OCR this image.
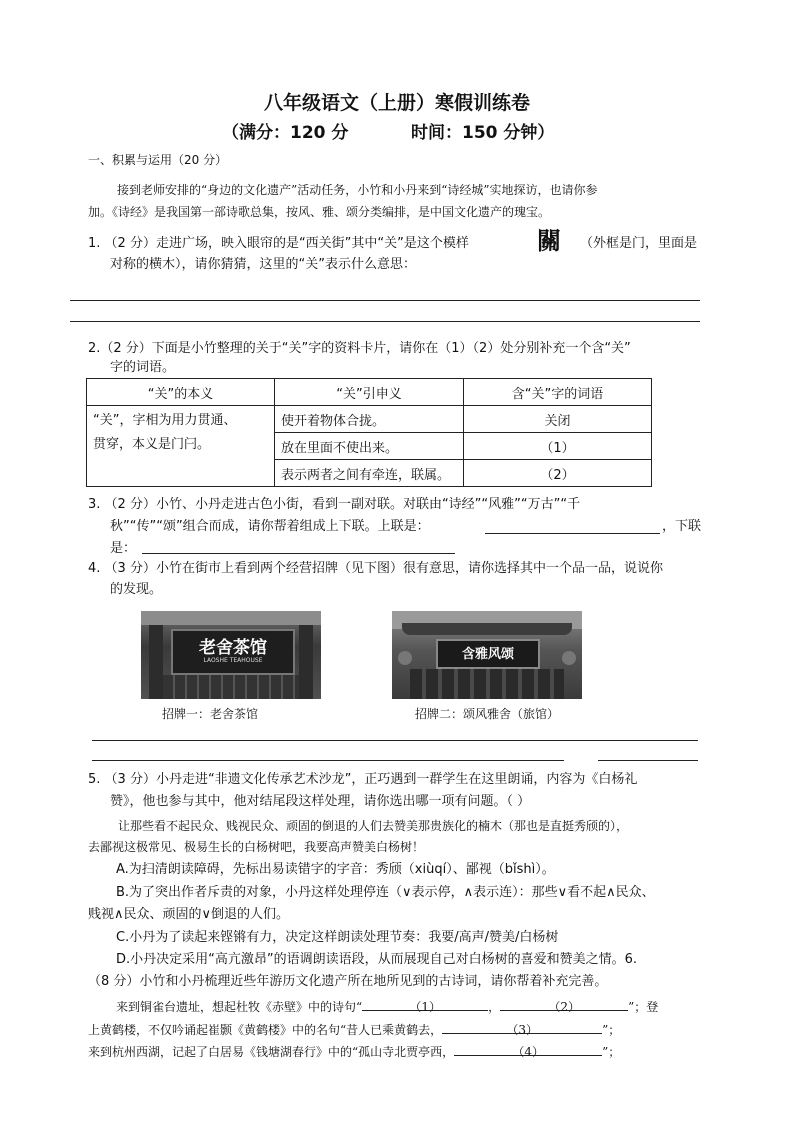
八年级语文（上册）寒假训练卷
（满分：120 分	时间：150 分钟）
一、积累与运用（20 分）
接到老师安排的“身边的文化遗产”活动任务，小竹和小丹来到“诗经城”实地探访，也请你参
加。《诗经》是我国第一部诗歌总集，按风、雅、颂分类编排，是中国文化遗产的瑰宝。
1. （2 分）走进广场，映入眼帘的是“西关街”其中“关”是这个模样	關 （外框是门，里面是
对称的横木），请你猜猜，这里的“关”表示什么意思：
2.（2 分）下面是小竹整理的关于“关”字的资料卡片，请你在（1）（2）处分别补充一个含“关”
字的词语。
“关”的本义	“关”引申义	含“关”字的词语

“关”，字相为用力贯通、
贯穿，本义是门闩。	使开着物体合拢。	关闭
	放在里面不使出来。	（1）
	表示两者之间有牵连，联属。	（2）
3. （2 分）小竹、小丹走进古色小街，看到一副对联。对联由“诗经”“风雅”“万古”“千
秋”“传”“颂”组合而成，请你帮着组成上下联。上联是：	，下联
是：
4. （3 分）小竹在街市上看到两个经营招牌（见下图）很有意思，请你选择其中一个品一品，说说你
的发现。
老舍茶馆
LAOSHE TEAHOUSE	含雅风颂
招牌一：老舍茶馆	招牌二：颂风雅舍（旅馆）
5. （3 分）小丹走进“非遗文化传承艺术沙龙”，正巧遇到一群学生在这里朗诵，内容为《白杨礼
赞》，他也参与其中，他对结尾段这样处理，请你选出哪一项有问题。（ ）
让那些看不起民众、贱视民众、顽固的倒退的人们去赞美那贵族化的楠木（那也是直挺秀颀的），
去鄙视这极常见、极易生长的白杨树吧，我要高声赞美白杨树！
A.为扫清朗读障碍，先标出易读错字的字音：秀颀（xiùqí）、鄙视（bǐshì）。
B.为了突出作者斥责的对象，小丹这样处理停连（∨表示停，∧表示连）：那些∨看不起∧民众、
贱视∧民众、顽固的∨倒退的人们。
C.小丹为了读起来铿锵有力，决定这样朗读处理节奏：我要/高声/赞美/白杨树
D.小丹决定采用“高亢激昂”的语调朗读语段，从而展现自己对白杨树的喜爱和赞美之情。6.
（8 分）小竹和小丹梳理近些年游历文化遗产所在地所见到的古诗词，请你帮着补充完善。
来到铜雀台遗址，想起杜牧《赤壁》中的诗句“	（1）	，	（2）	”；登
上黄鹤楼，不仅吟诵起崔颢《黄鹤楼》中的名句“昔人已乘黄鹤去，	（3）	”；
来到杭州西湖，记起了白居易《钱塘湖春行》中的“孤山寺北贾亭西，	（4）	”；
